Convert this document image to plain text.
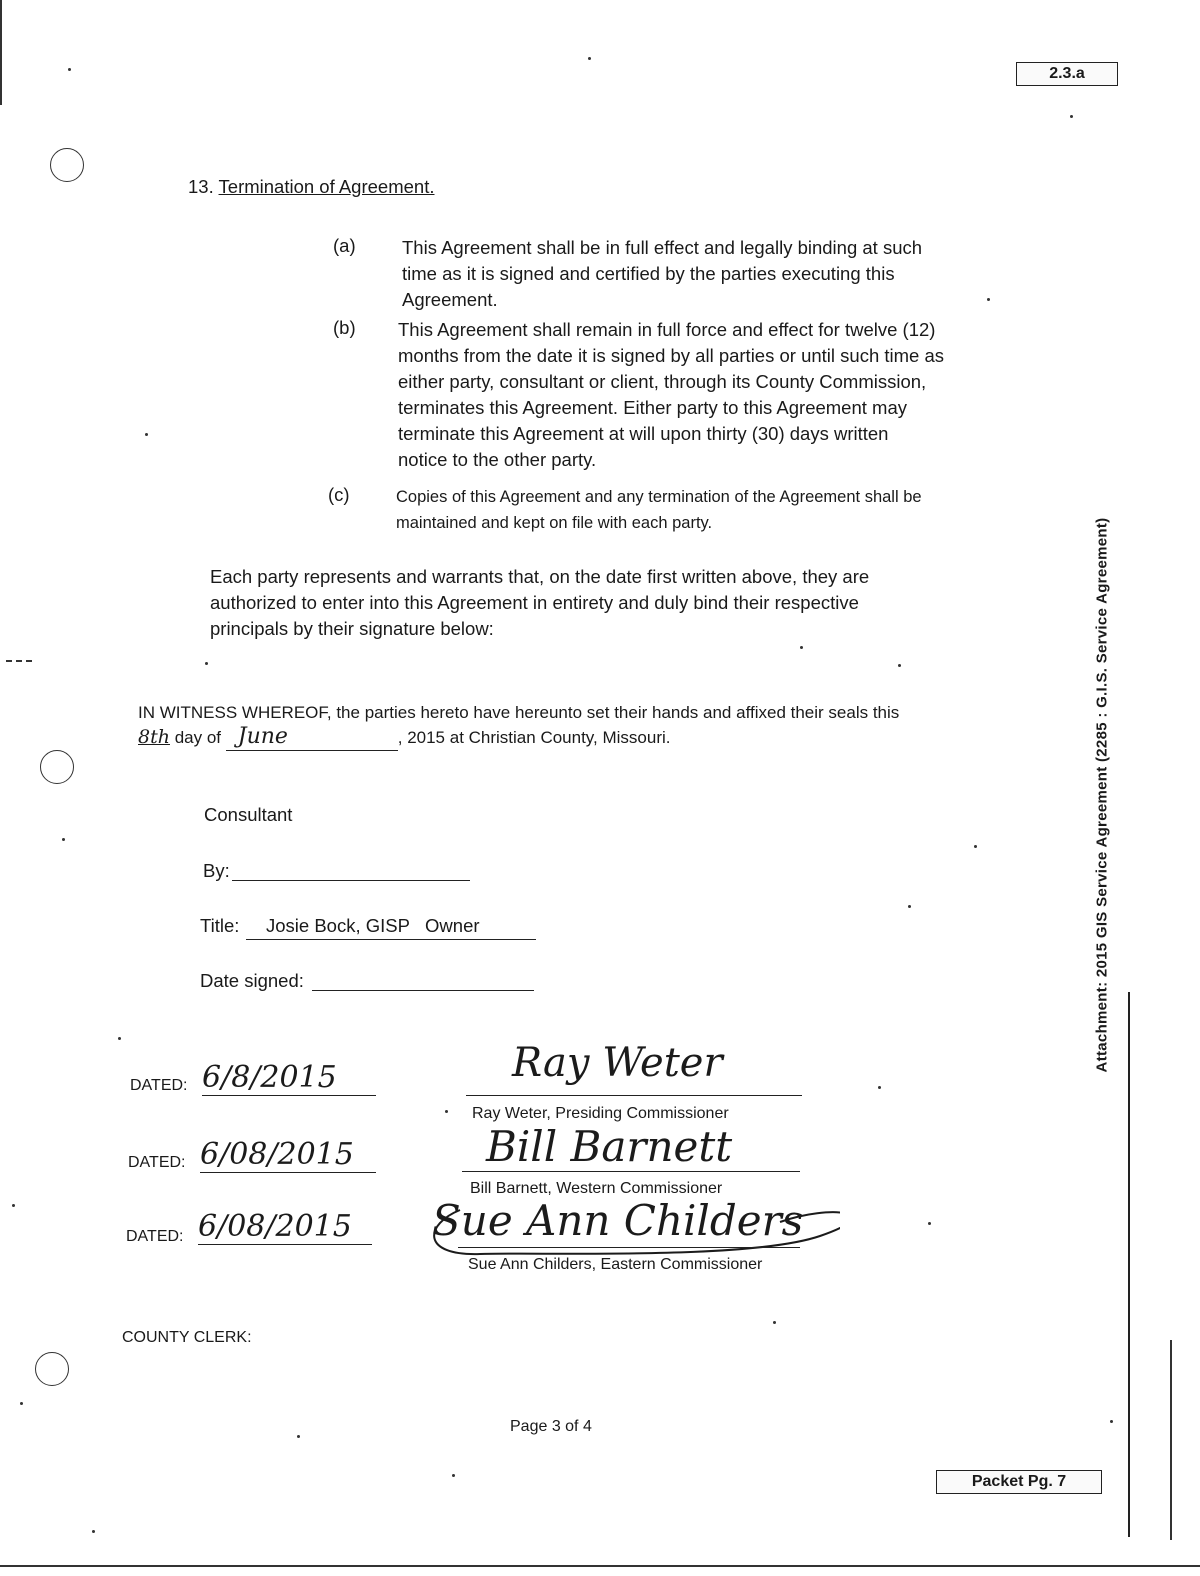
2.3.a
13. Termination of Agreement.
(a)	This Agreement shall be in full effect and legally binding at such
time as it is signed and certified by the parties executing this
Agreement.
(b) This Agreement shall remain in full force and effect for twelve (12)
months from the date it is signed by all parties or until such time as
either party, consultant or client, through its County Commission,
terminates this Agreement. Either party to this Agreement may
terminate this Agreement at will upon thirty (30) days written
notice to the other party.
(c)	Copies of this Agreement and any termination of the Agreement shall be
maintained and kept on file with each party.
Each party represents and warrants that, on the date first written above, they are
authorized to enter into this Agreement in entirety and duly bind their respective
principals by their signature below:
IN WITNESS WHEREOF, the parties hereto have hereunto set their hands and affixed their seals this
8th day of June	, 2015 at Christian County, Missouri.
Consultant
By:
Title:	Josie Bock, GISP   Owner
Date signed:
DATED: 6/8/2015	Ray Weter
Ray Weter, Presiding Commissioner
DATED: 6/08/2015	Bill Barnett
Bill Barnett, Western Commissioner
DATED: 6/08/2015	Sue Ann Childers
Sue Ann Childers, Eastern Commissioner
COUNTY CLERK:
Page 3 of 4
Packet Pg. 7
Attachment: 2015 GIS Service Agreement (2285 : G.I.S. Service Agreement)
